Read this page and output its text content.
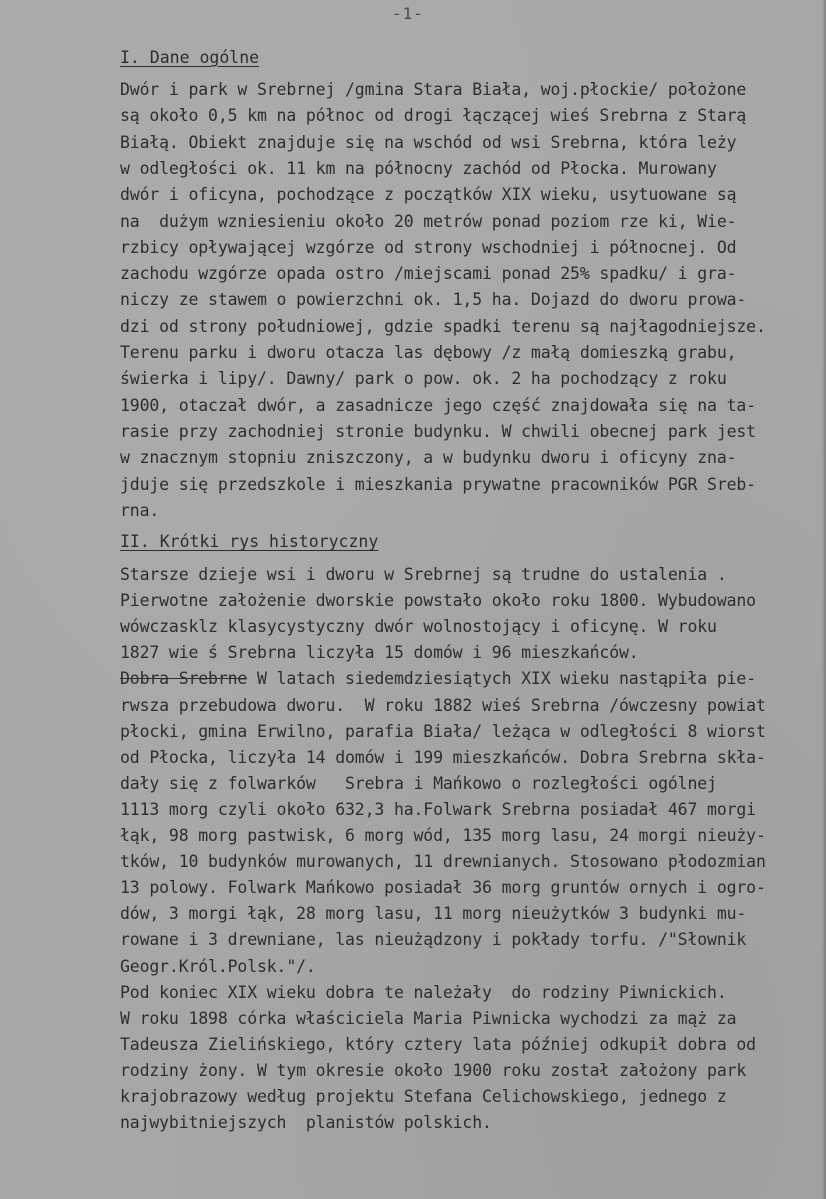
-1-
I. Dane ogólne
Dwór i park w Srebrnej /gmina Stara Biała, woj.płockie/ położone
są około 0,5 km na północ od drogi łączącej wieś Srebrna z Starą
Białą. Obiekt znajduje się na wschód od wsi Srebrna, która leży
w odległości ok. 11 km na północny zachód od Płocka. Murowany
dwór i oficyna, pochodzące z początków XIX wieku, usytuowane są
na  dużym wzniesieniu około 20 metrów ponad poziom rze ki, Wie-
rzbicy opływającej wzgórze od strony wschodniej i północnej. Od
zachodu wzgórze opada ostro /miejscami ponad 25% spadku/ i gra-
niczy ze stawem o powierzchni ok. 1,5 ha. Dojazd do dworu prowa-
dzi od strony południowej, gdzie spadki terenu są najłagodniejsze.
Terenu parku i dworu otacza las dębowy /z małą domieszką grabu,
świerka i lipy/. Dawny/ park o pow. ok. 2 ha pochodzący z roku
1900, otaczał dwór, a zasadnicze jego część znajdowała się na ta-
rasie przy zachodniej stronie budynku. W chwili obecnej park jest
w znacznym stopniu zniszczony, a w budynku dworu i oficyny zna-
jduje się przedszkole i mieszkania prywatne pracowników PGR Sreb-
rna.
II. Krótki rys historyczny
Starsze dzieje wsi i dworu w Srebrnej są trudne do ustalenia .
Pierwotne założenie dworskie powstało około roku 1800. Wybudowano
wówczasklz klasycystyczny dwór wolnostojący i oficynę. W roku
1827 wie ś Srebrna liczyła 15 domów i 96 mieszkańców.
Dobra Srebrne W latach siedemdziesiątych XIX wieku nastąpiła pie-
rwsza przebudowa dworu.  W roku 1882 wieś Srebrna /ówczesny powiat
płocki, gmina Erwilno, parafia Biała/ leżąca w odległości 8 wiorst
od Płocka, liczyła 14 domów i 199 mieszkańców. Dobra Srebrna skła-
dały się z folwarków   Srebra i Mańkowo o rozległości ogólnej
1113 morg czyli około 632,3 ha.Folwark Srebrna posiadał 467 morgi
łąk, 98 morg pastwisk, 6 morg wód, 135 morg lasu, 24 morgi nieuży-
tków, 10 budynków murowanych, 11 drewnianych. Stosowano płodozmian
13 polowy. Folwark Mańkowo posiadał 36 morg gruntów ornych i ogro-
dów, 3 morgi łąk, 28 morg lasu, 11 morg nieużytków 3 budynki mu-
rowane i 3 drewniane, las nieużądzony i pokłady torfu. /"Słownik
Geogr.Król.Polsk."/.
Pod koniec XIX wieku dobra te należały  do rodziny Piwnickich.
W roku 1898 córka właściciela Maria Piwnicka wychodzi za mąż za
Tadeusza Zielińskiego, który cztery lata później odkupił dobra od
rodziny żony. W tym okresie około 1900 roku został założony park
krajobrazowy według projektu Stefana Celichowskiego, jednego z
najwybitniejszych  planistów polskich.
